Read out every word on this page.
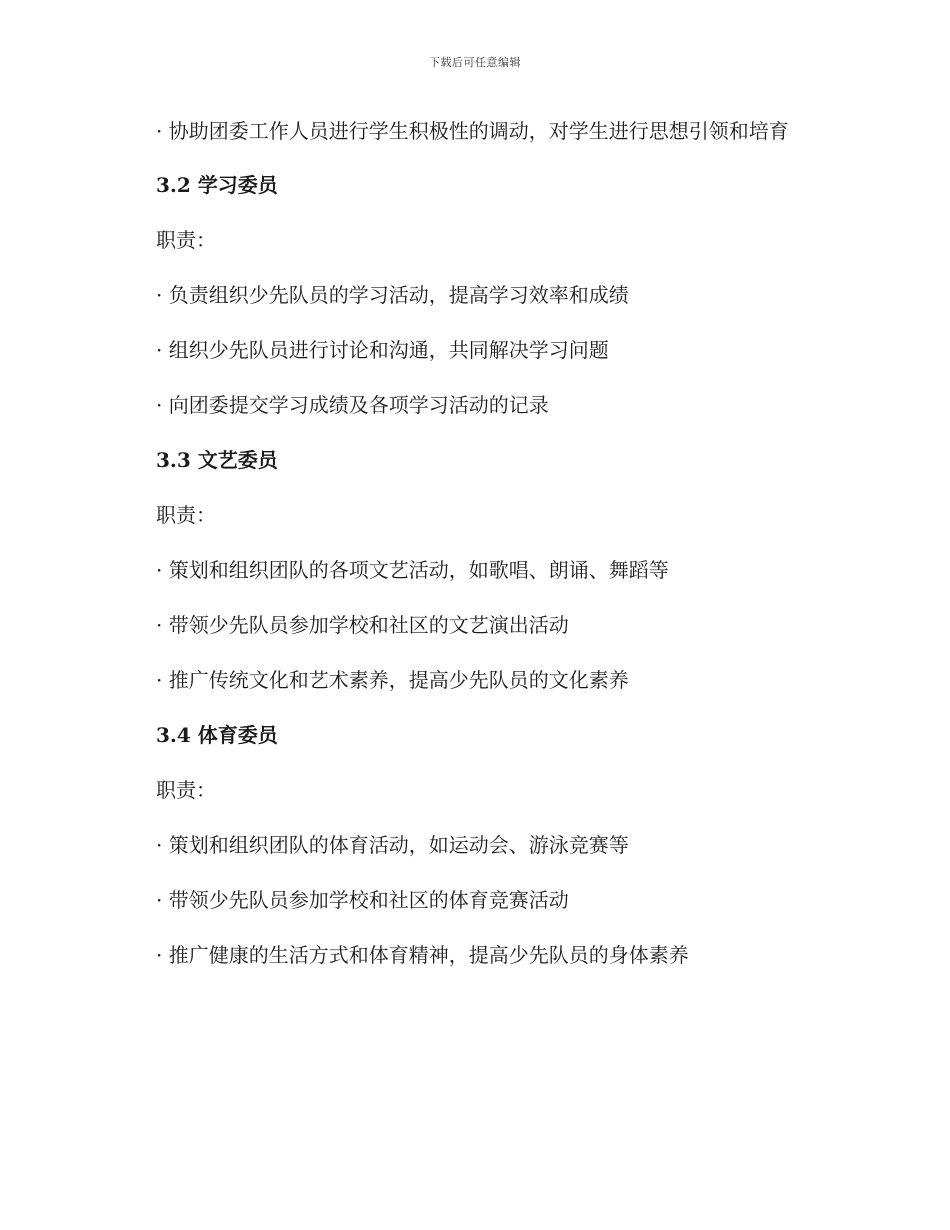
下载后可任意编辑

· 协助团委工作人员进行学生积极性的调动，对学生进行思想引领和培育

3.2 学习委员
职责：
· 负责组织少先队员的学习活动，提高学习效率和成绩
· 组织少先队员进行讨论和沟通，共同解决学习问题
· 向团委提交学习成绩及各项学习活动的记录
3.3 文艺委员
职责：
· 策划和组织团队的各项文艺活动，如歌唱、朗诵、舞蹈等
· 带领少先队员参加学校和社区的文艺演出活动
· 推广传统文化和艺术素养，提高少先队员的文化素养
3.4 体育委员
职责：
· 策划和组织团队的体育活动，如运动会、游泳竞赛等
· 带领少先队员参加学校和社区的体育竞赛活动
· 推广健康的生活方式和体育精神，提高少先队员的身体素养
